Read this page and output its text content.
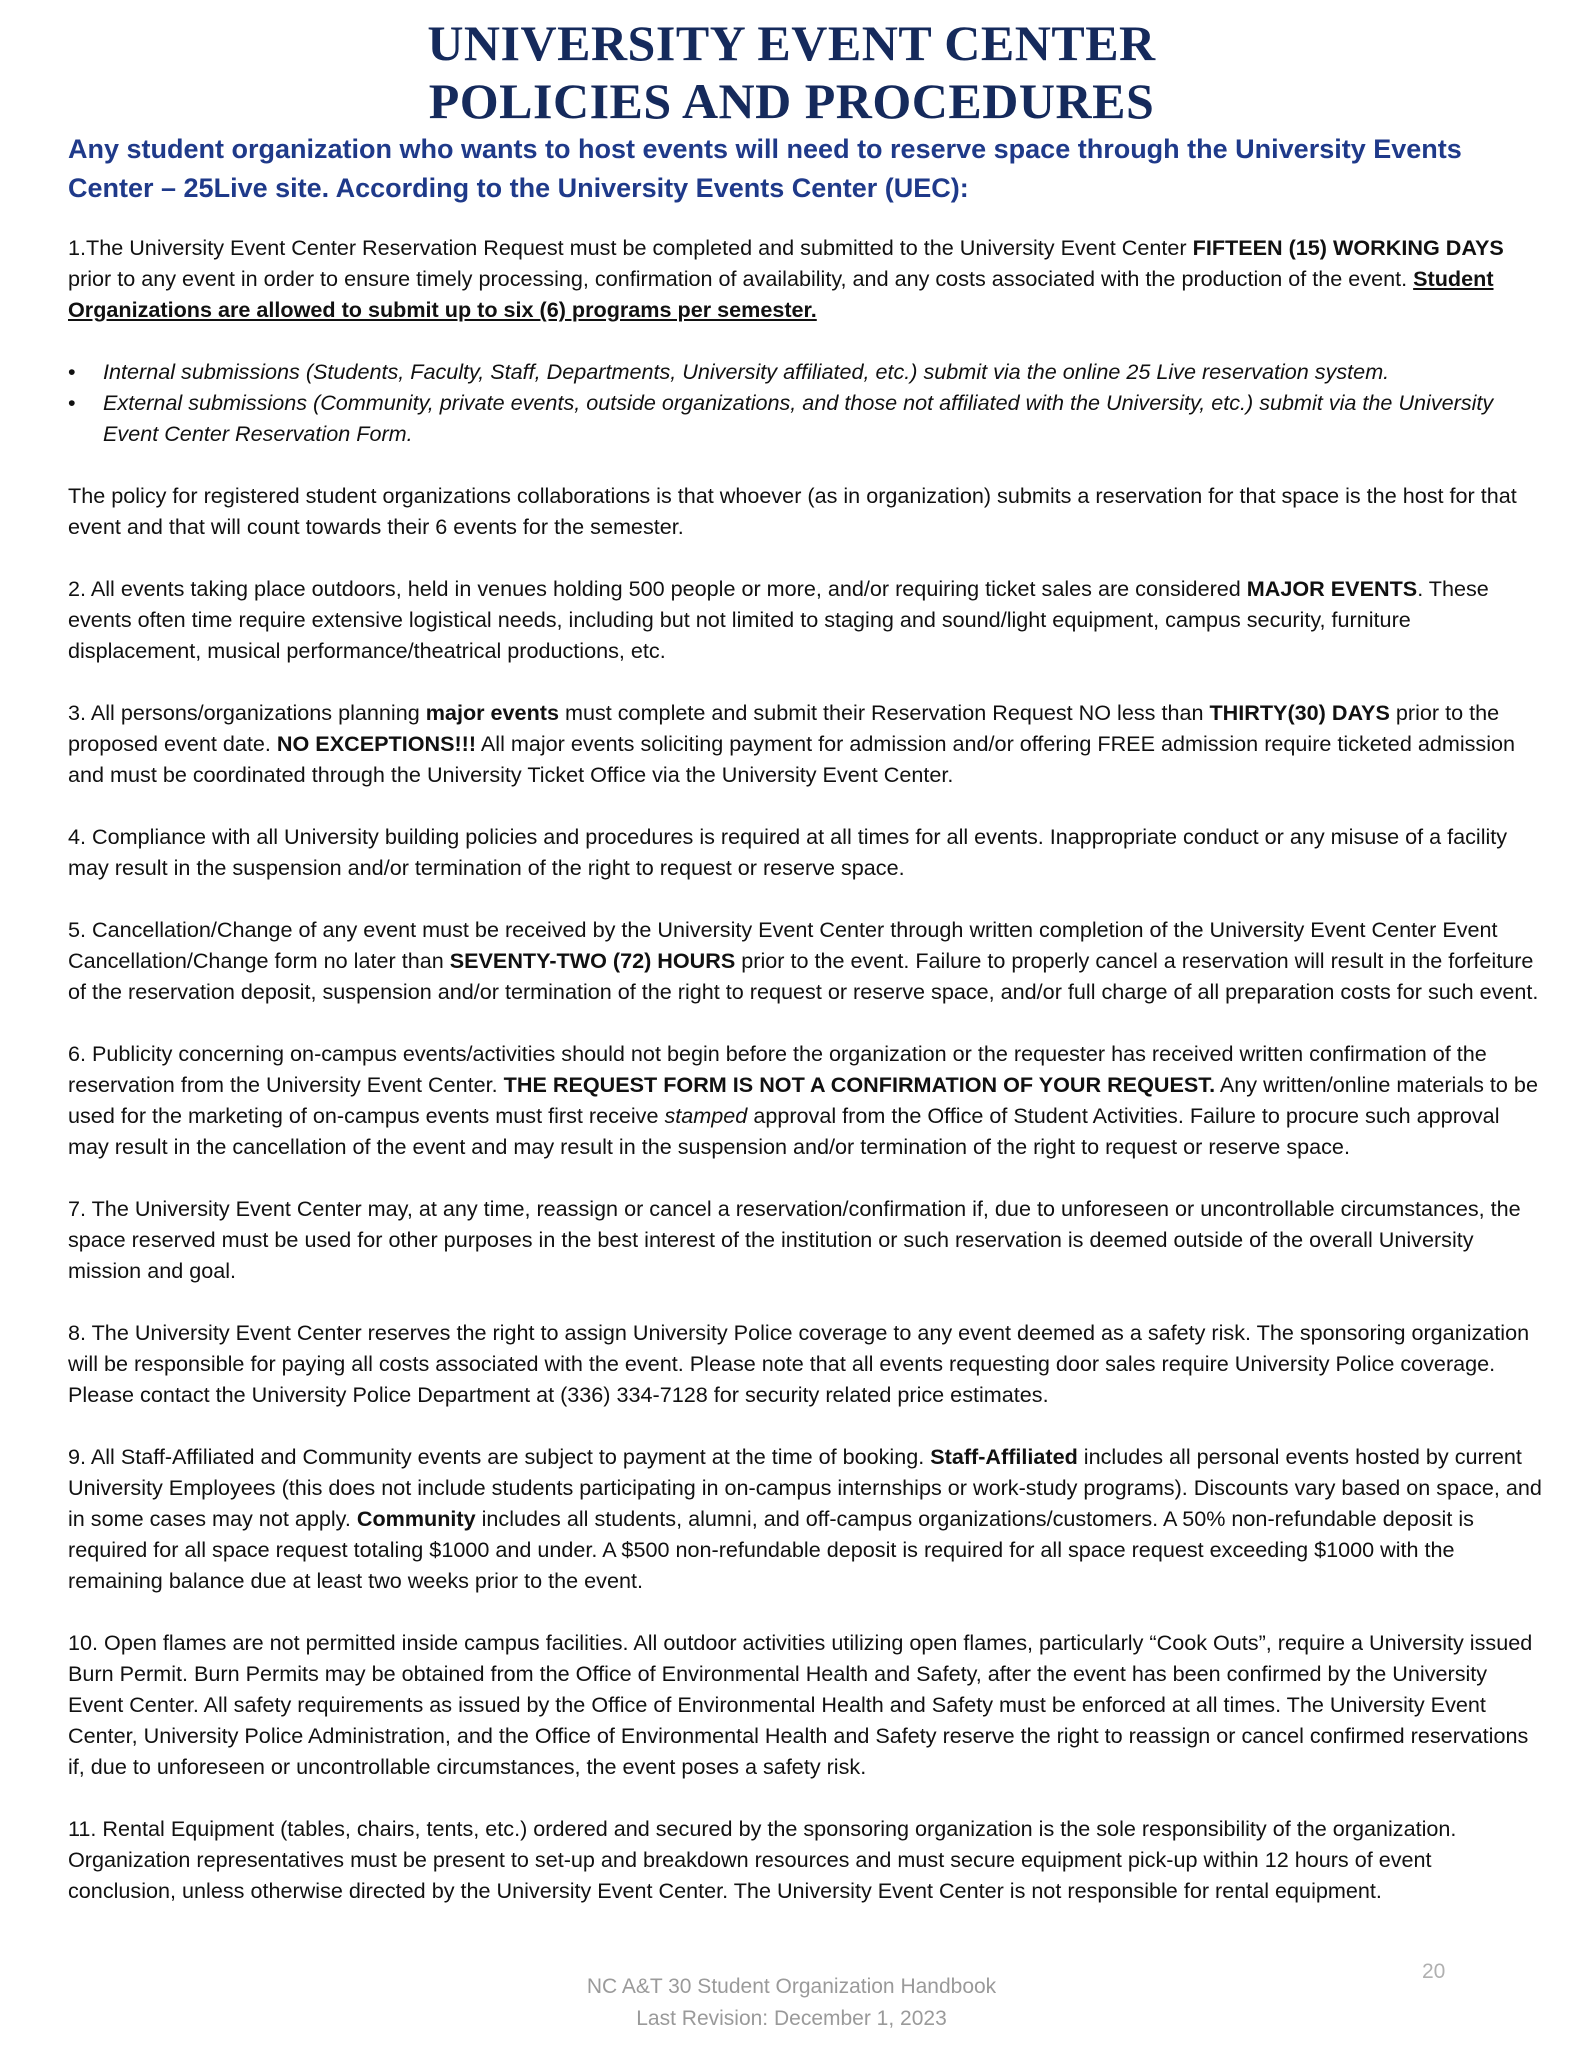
UNIVERSITY EVENT CENTER
POLICIES AND PROCEDURES
Any student organization who wants to host events will need to reserve space through the University Events Center – 25Live site. According to the University Events Center (UEC):

1.The University Event Center Reservation Request must be completed and submitted to the University Event Center FIFTEEN (15) WORKING DAYS prior to any event in order to ensure timely processing, confirmation of availability, and any costs associated with the production of the event. Student Organizations are allowed to submit up to six (6) programs per semester.

• Internal submissions (Students, Faculty, Staff, Departments, University affiliated, etc.) submit via the online 25 Live reservation system.
• External submissions (Community, private events, outside organizations, and those not affiliated with the University, etc.) submit via the University Event Center Reservation Form.

The policy for registered student organizations collaborations is that whoever (as in organization) submits a reservation for that space is the host for that event and that will count towards their 6 events for the semester.

2. All events taking place outdoors, held in venues holding 500 people or more, and/or requiring ticket sales are considered MAJOR EVENTS. These events often time require extensive logistical needs, including but not limited to staging and sound/light equipment, campus security, furniture displacement, musical performance/theatrical productions, etc.

3. All persons/organizations planning major events must complete and submit their Reservation Request NO less than THIRTY(30) DAYS prior to the proposed event date. NO EXCEPTIONS!!! All major events soliciting payment for admission and/or offering FREE admission require ticketed admission and must be coordinated through the University Ticket Office via the University Event Center.

4. Compliance with all University building policies and procedures is required at all times for all events. Inappropriate conduct or any misuse of a facility may result in the suspension and/or termination of the right to request or reserve space.

5. Cancellation/Change of any event must be received by the University Event Center through written completion of the University Event Center Event Cancellation/Change form no later than SEVENTY-TWO (72) HOURS prior to the event. Failure to properly cancel a reservation will result in the forfeiture of the reservation deposit, suspension and/or termination of the right to request or reserve space, and/or full charge of all preparation costs for such event.

6. Publicity concerning on-campus events/activities should not begin before the organization or the requester has received written confirmation of the reservation from the University Event Center. THE REQUEST FORM IS NOT A CONFIRMATION OF YOUR REQUEST. Any written/online materials to be used for the marketing of on-campus events must first receive stamped approval from the Office of Student Activities. Failure to procure such approval may result in the cancellation of the event and may result in the suspension and/or termination of the right to request or reserve space.

7. The University Event Center may, at any time, reassign or cancel a reservation/confirmation if, due to unforeseen or uncontrollable circumstances, the space reserved must be used for other purposes in the best interest of the institution or such reservation is deemed outside of the overall University mission and goal.

8. The University Event Center reserves the right to assign University Police coverage to any event deemed as a safety risk. The sponsoring organization will be responsible for paying all costs associated with the event. Please note that all events requesting door sales require University Police coverage. Please contact the University Police Department at (336) 334-7128 for security related price estimates.

9. All Staff-Affiliated and Community events are subject to payment at the time of booking. Staff-Affiliated includes all personal events hosted by current University Employees (this does not include students participating in on-campus internships or work-study programs). Discounts vary based on space, and in some cases may not apply. Community includes all students, alumni, and off-campus organizations/customers. A 50% non-refundable deposit is required for all space request totaling $1000 and under. A $500 non-refundable deposit is required for all space request exceeding $1000 with the remaining balance due at least two weeks prior to the event.

10. Open flames are not permitted inside campus facilities. All outdoor activities utilizing open flames, particularly “Cook Outs”, require a University issued Burn Permit. Burn Permits may be obtained from the Office of Environmental Health and Safety, after the event has been confirmed by the University Event Center. All safety requirements as issued by the Office of Environmental Health and Safety must be enforced at all times. The University Event Center, University Police Administration, and the Office of Environmental Health and Safety reserve the right to reassign or cancel confirmed reservations if, due to unforeseen or uncontrollable circumstances, the event poses a safety risk.

11. Rental Equipment (tables, chairs, tents, etc.) ordered and secured by the sponsoring organization is the sole responsibility of the organization. Organization representatives must be present to set-up and breakdown resources and must secure equipment pick-up within 12 hours of event conclusion, unless otherwise directed by the University Event Center. The University Event Center is not responsible for rental equipment.

NC A&T 30 Student Organization Handbook
Last Revision: December 1, 2023
20
